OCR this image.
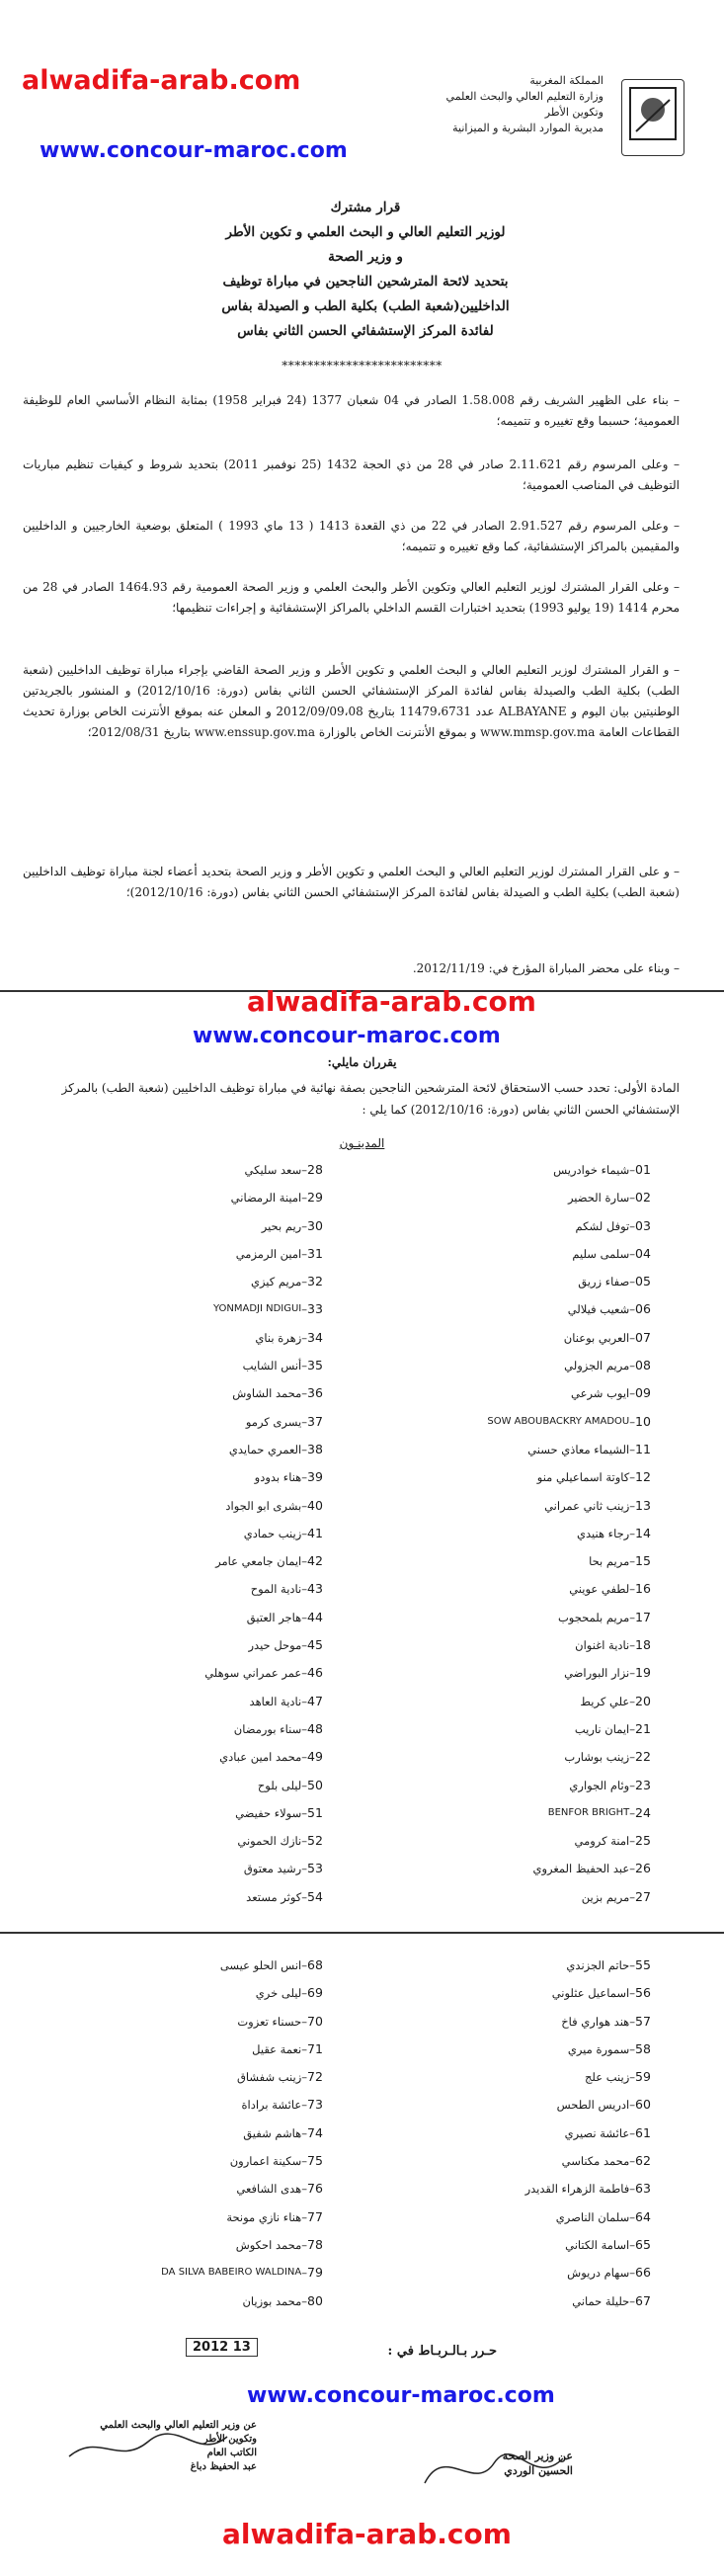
alwadifa-arab.com
www.concour-maroc.com
المملكة المغربية
وزارة التعليم العالي والبحث العلمي
وتكوين الأطر
مديرية الموارد البشرية و الميزانية
قرار مشترك
لوزير التعليم العالي و البحث العلمي و تكوين الأطر
و وزير الصحة
بتحديد لائحة المترشحين الناجحين في مباراة توظيف
الداخليين(شعبة الطب) بكلية الطب و الصيدلة بفاس
لفائدة المركز الإستشفائي الحسن الثاني بفاس
*************************
– بناء على الظهير الشريف رقم 1.58.008 الصادر في 04 شعبان 1377 (24 فبراير 1958) بمثابة النظام الأساسي العام للوظيفة العمومية؛ حسبما وقع تغييره و تتميمه؛
– وعلى المرسوم رقم 2.11.621 صادر في 28 من ذي الحجة 1432 (25 نوفمبر 2011) بتحديد شروط و كيفيات تنظيم مباريات التوظيف في المناصب العمومية؛
– وعلى المرسوم رقم 2.91.527 الصادر في 22 من ذي القعدة 1413 ( 13 ماي 1993 ) المتعلق بوضعية الخارجيين و الداخليين والمقيمين بالمراكز الإستشفائية، كما وقع تغييره و تتميمه؛
– وعلى القرار المشترك لوزير التعليم العالي وتكوين الأطر والبحث العلمي و وزير الصحة العمومية رقم 1464.93 الصادر في 28 من محرم 1414 (19 يوليو 1993) بتحديد اختبارات القسم الداخلي بالمراكز الإستشفائية و إجراءات تنظيمها؛
– و القرار المشترك لوزير التعليم العالي و البحث العلمي و تكوين الأطر و وزير الصحة القاضي بإجراء مباراة توظيف الداخليين (شعبة الطب) بكلية الطب والصيدلة بفاس لفائدة المركز الإستشفائي الحسن الثاني بفاس (دورة: 2012/10/16) و المنشور بالجريدتين الوطنيتين بيان اليوم و ALBAYANE عدد 11479،6731 بتاريخ 2012/09/09،08 و المعلن عنه بموقع الأنترنت الخاص بوزارة تحديث القطاعات العامة www.mmsp.gov.ma و بموقع الأنترنت الخاص بالوزارة www.enssup.gov.ma بتاريخ 2012/08/31؛
– و على القرار المشترك لوزير التعليم العالي و البحث العلمي و تكوين الأطر و وزير الصحة بتحديد أعضاء لجنة مباراة توظيف الداخليين (شعبة الطب) بكلية الطب و الصيدلة بفاس لفائدة المركز الإستشفائي الحسن الثاني بفاس (دورة: 2012/10/16)؛
– وبناء على محضر المباراة المؤرخ في: 2012/11/19.
alwadifa-arab.com
www.concour-maroc.com
يقرران مايلي:
المادة الأولى: تحدد حسب الاستحقاق لائحة المترشحين الناجحين بصفة نهائية في مباراة توظيف الداخليين (شعبة الطب) بالمركز الإستشفائي الحسن الثاني بفاس (دورة: 2012/10/16) كما يلي :
المدينـون
01
–
شيماء خوادريس
02
–
سارة الحضير
03
–
توفل لشكم
04
–
سلمى سليم
05
–
صفاء زريق
06
–
شعيب فيلالي
07
–
العربي بوعنان
08
–
مريم الجزولي
09
–
ايوب شرعي
10
–
SOW ABOUBACKRY AMADOU
11
–
الشيماء معاذي حسني
12
–
كاوتة اسماعيلي منو
13
–
زينب ثاني عمراني
14
–
رجاء هنيدي
15
–
مريم بحا
16
–
لطفي عويني
17
–
مريم بلمحجوب
18
–
نادية اغنوان
19
–
نزار البوراضي
20
–
علي كريط
21
–
ايمان ناريب
22
–
زينب بوشارب
23
–
وئام الجواري
24
–
BENFOR BRIGHT
25
–
امنة كرومي
26
–
عبد الحفيظ المغروي
27
–
مريم بزين
28
–
سعد سليكي
29
–
امينة الرمضاني
30
–
ريم بحير
31
–
امين الرمزمي
32
–
مريم كيزي
33
–
YONMADJI NDIGUI
34
–
زهرة بناي
35
–
أنس الشايب
36
–
محمد الشاوش
37
–
يسرى كرمو
38
–
العمري حمايدي
39
–
هناء بدودو
40
–
بشرى ابو الجواد
41
–
زينب حمادي
42
–
ايمان جامعي عامر
43
–
نادية الموح
44
–
هاجر العتيق
45
–
موحل حيدر
46
–
عمر عمراني سوهلي
47
–
نادية العاهد
48
–
سناء بورمضان
49
–
محمد امين عبادي
50
–
ليلى بلوح
51
–
سولاء حفيضي
52
–
نازك الحموني
53
–
رشيد معتوق
54
–
كوثر مستعد
55
–
حاتم الجزندي
56
–
اسماعيل عثلوني
57
–
هند هواري فاخ
58
–
سمورة ميري
59
–
زينب علج
60
–
ادريس الطحس
61
–
عائشة نصيري
62
–
محمد مكناسي
63
–
فاطمة الزهراء القديدر
64
–
سلمان الناصري
65
–
اسامة الكتاني
66
–
سهام دريوش
67
–
حليلة حماني
68
–
انس الحلو عيسى
69
–
ليلى خري
70
–
حسناء تعزوت
71
–
نعمة عقيل
72
–
زينب شفشاق
73
–
عائشة براداة
74
–
هاشم شفيق
75
–
سكينة اعمارون
76
–
هدى الشافعي
77
–
هناء نازي مونحة
78
–
محمد احكوش
79
–
DA SILVA BABEIRO WALDINA
80
–
محمد بوزيان
حـرر بـالـربـاط في :
2012 13
www.concour-maroc.com
عن وزير التعليم العالي والبحث العلمي
وتكوين الأطر
الكاتب العام
عبد الحفيظ دباغ
عن وزير الصحة
الحسين الوردي
alwadifa-arab.com
